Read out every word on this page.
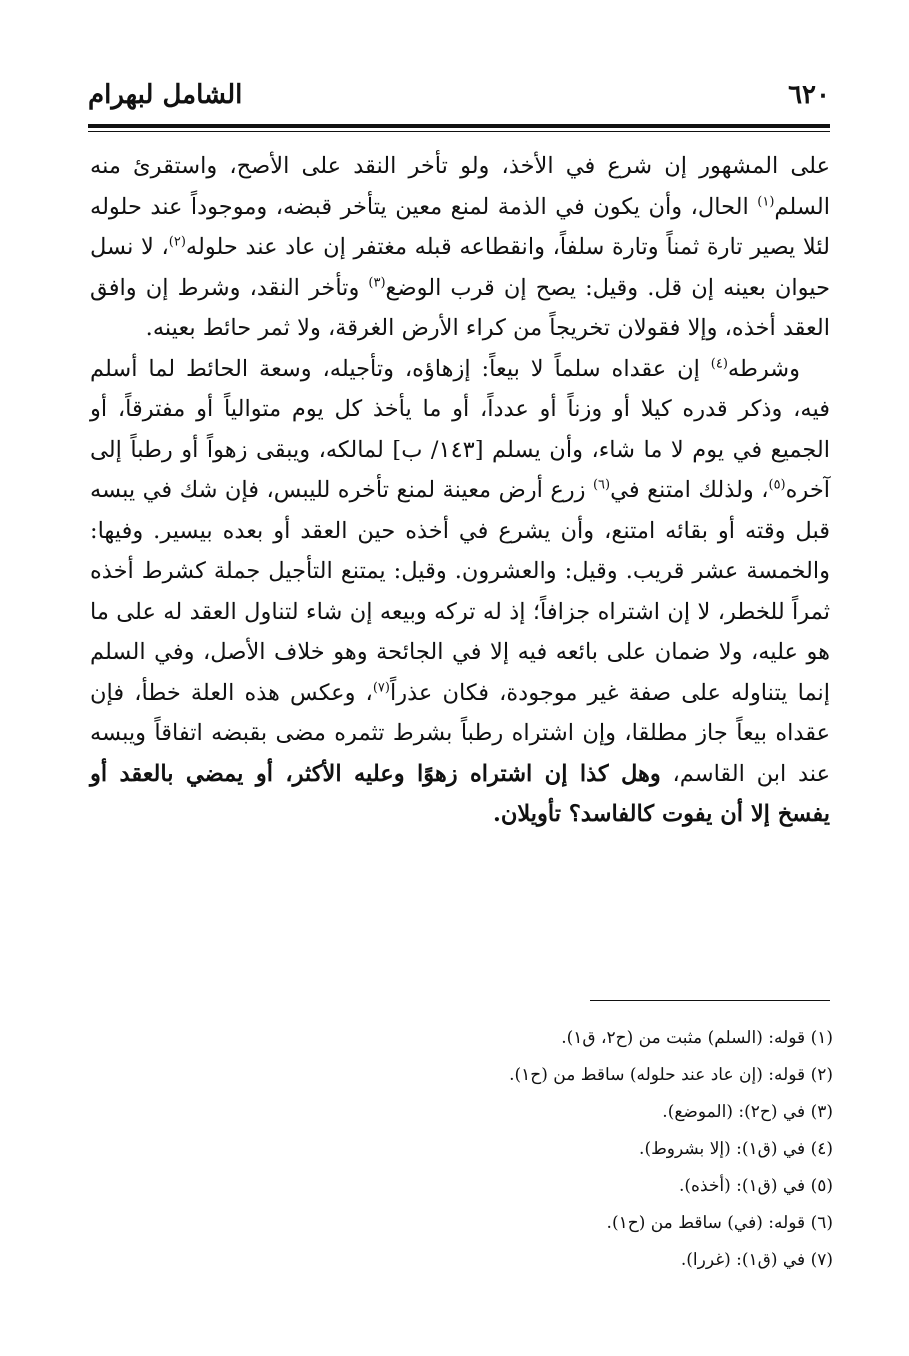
٦٢٠
الشامل لبهرام

على المشهور إن شرع في الأخذ، ولو تأخر النقد على الأصح، واستقرئ منه السلم$^{(١)}$ الحال، وأن يكون في الذمة لمنع معين يتأخر قبضه، وموجوداً عند حلوله لئلا يصير تارة ثمناً وتارة سلفاً، وانقطاعه قبله مغتفر إن عاد عند حلوله$^{(٢)}$، لا نسل حيوان بعينه إن قل. وقيل: يصح إن قرب الوضع$^{(٣)}$ وتأخر النقد، وشرط إن وافق العقد أخذه، وإلا فقولان تخريجاً من كراء الأرض الغرقة، ولا ثمر حائط بعينه.

وشرطه$^{(٤)}$ إن عقداه سلماً لا بيعاً: إزهاؤه، وتأجيله، وسعة الحائط لما أسلم فيه، وذكر قدره كيلا أو وزناً أو عدداً، أو ما يأخذ كل يوم متوالياً أو مفترقاً، أو الجميع في يوم لا ما شاء، وأن يسلم [١٤٣/ ب] لمالكه، ويبقى زهواً أو رطباً إلى آخره$^{(٥)}$، ولذلك امتنع في$^{(٦)}$ زرع أرض معينة لمنع تأخره لليبس، فإن شك في يبسه قبل وقته أو بقائه امتنع، وأن يشرع في أخذه حين العقد أو بعده بيسير. وفيها: والخمسة عشر قريب. وقيل: والعشرون. وقيل: يمتنع التأجيل جملة كشرط أخذه ثمراً للخطر، لا إن اشتراه جزافاً؛ إذ له تركه وبيعه إن شاء لتناول العقد له على ما هو عليه، ولا ضمان على بائعه فيه إلا في الجائحة وهو خلاف الأصل، وفي السلم إنما يتناوله على صفة غير موجودة، فكان عذراً$^{(٧)}$، وعكس هذه العلة خطأ، فإن عقداه بيعاً جاز مطلقا، وإن اشتراه رطباً بشرط تثمره مضى بقبضه اتفاقاً ويبسه عند ابن القاسم، وهل كذا إن اشتراه زهوًا وعليه الأكثر، أو يمضي بالعقد أو يفسخ إلا أن يفوت كالفاسد؟ تأويلان.

(١) قوله: (السلم) مثبت من (ح٢، ق١).

(٢) قوله: (إن عاد عند حلوله) ساقط من (ح١).

(٣) في (ح٢): (الموضع).

(٤) في (ق١): (إلا بشروط).

(٥) في (ق١): (أخذه).

(٦) قوله: (في) ساقط من (ح١).

(٧) في (ق١): (غررا).
